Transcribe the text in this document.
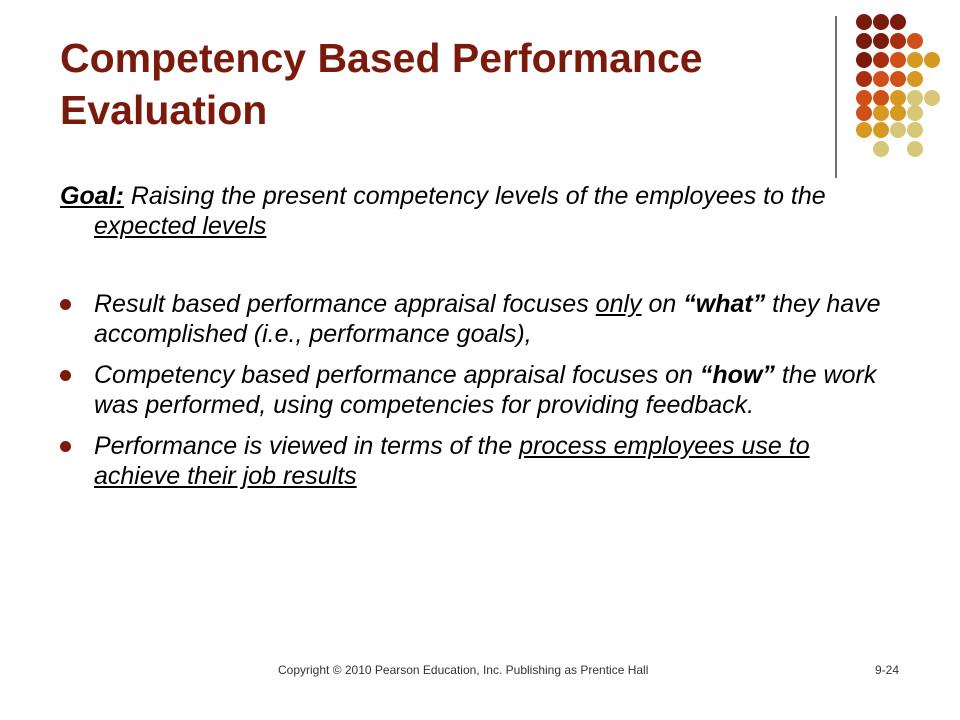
Competency Based Performance Evaluation
Goal: Raising the present competency levels of the employees to the expected levels
Result based performance appraisal focuses only on “what” they have accomplished (i.e., performance goals),
Competency based performance appraisal focuses on “how” the work was performed, using competencies for providing feedback.
Performance is viewed in terms of the process employees use to achieve their job results
Copyright © 2010 Pearson Education, Inc. Publishing as Prentice Hall	9-24
